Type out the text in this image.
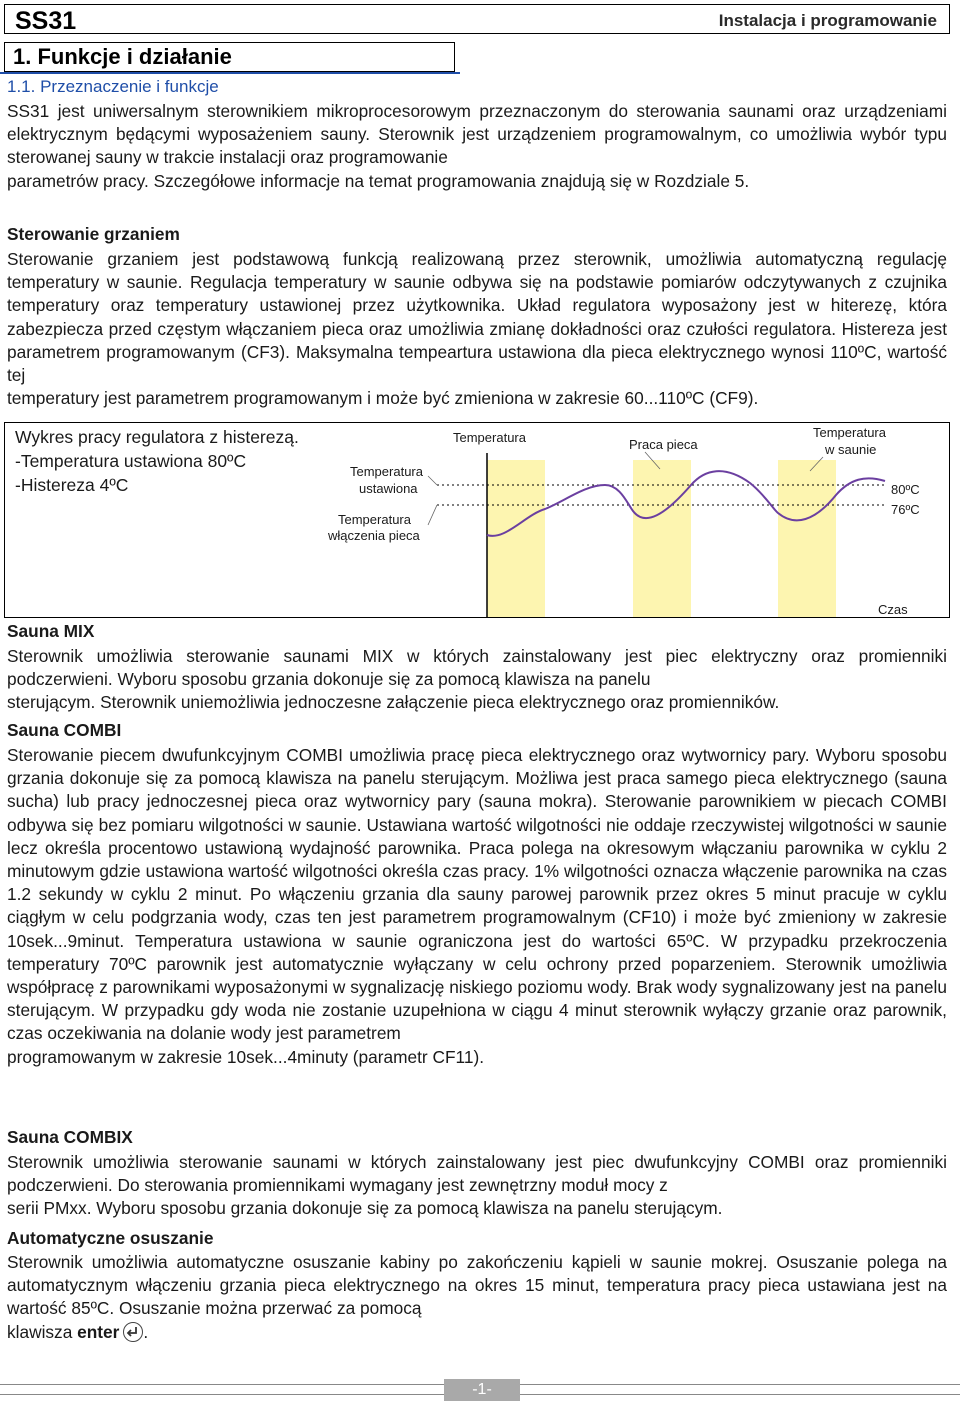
SS31	Instalacja i programowanie
1. Funkcje i działanie
1.1. Przeznaczenie i funkcje

SS31 jest uniwersalnym sterownikiem mikroprocesorowym przeznaczonym do sterowania saunami oraz urządzeniami elektrycznym będącymi wyposażeniem sauny. Sterownik jest urządzeniem programowalnym, co umożliwia wybór typu sterowanej sauny w trakcie instalacji oraz programowanie
parametrów pracy. Szczegółowe informacje na temat programowania znajdują się w Rozdziale 5.

Sterowanie grzaniem

Sterowanie grzaniem jest podstawową funkcją realizowaną przez sterownik, umożliwia automatyczną regulację temperatury w saunie. Regulacja temperatury w saunie odbywa się na podstawie pomiarów odczytywanych z czujnika temperatury oraz temperatury ustawionej przez użytkownika. Układ regulatora wyposażony jest w hiterezę, która zabezpiecza przed częstym włączaniem pieca oraz umożliwia zmianę dokładności oraz czułości regulatora. Histereza jest parametrem programowanym (CF3). Maksymalna tempeartura ustawiona dla pieca elektrycznego wynosi 110ºC, wartość tej
temperatury jest parametrem programowanym i może być zmieniona w zakresie 60...110ºC (CF9).

Wykres pracy regulatora z histerezą.
-Temperatura ustawiona 80ºC
-Histereza 4ºC
Temperatura	Praca pieca
Temperatura
w saunie
Temperatura
ustawiona
Temperatura
włączenia pieca
80ºC
76ºC
Czas
Sauna MIX

Sterownik umożliwia sterowanie saunami MIX w których zainstalowany jest piec elektryczny oraz promienniki podczerwieni. Wyboru sposobu grzania dokonuje się za pomocą klawisza na panelu
sterującym. Sterownik uniemożliwia jednoczesne załączenie pieca elektrycznego oraz promienników.

Sauna COMBI

Sterowanie piecem dwufunkcyjnym COMBI umożliwia pracę pieca elektrycznego oraz wytwornicy pary. Wyboru sposobu grzania dokonuje się za pomocą klawisza na panelu sterującym. Możliwa jest praca samego pieca elektrycznego (sauna sucha) lub pracy jednoczesnej pieca oraz wytwornicy pary (sauna mokra). Sterowanie parownikiem w piecach COMBI odbywa się bez pomiaru wilgotności w saunie. Ustawiana wartość wilgotności nie oddaje rzeczywistej wilgotności w saunie lecz określa procentowo ustawioną wydajność parownika. Praca polega na okresowym włączaniu parownika w cyklu 2 minutowym gdzie ustawiona wartość wilgotności określa czas pracy. 1% wilgotności oznacza włączenie parownika na czas 1.2 sekundy w cyklu 2 minut. Po włączeniu grzania dla sauny parowej parownik przez okres 5 minut pracuje w cyklu ciągłym w celu podgrzania wody, czas ten jest parametrem programowalnym (CF10) i może być zmieniony w zakresie 10sek...9minut. Temperatura ustawiona w saunie ograniczona jest do wartości 65ºC. W przypadku przekroczenia temperatury 70ºC parownik jest automatycznie wyłączany w celu ochrony przed poparzeniem. Sterownik umożliwia współpracę z parownikami wyposażonymi w sygnalizację niskiego poziomu wody. Brak wody sygnalizowany jest na panelu sterującym. W przypadku gdy woda nie zostanie uzupełniona w ciągu 4 minut sterownik wyłączy grzanie oraz parownik, czas oczekiwania na dolanie wody jest parametrem
programowanym w zakresie 10sek...4minuty (parametr CF11).

Sauna COMBIX

Sterownik umożliwia sterowanie saunami w których zainstalowany jest piec dwufunkcyjny COMBI oraz promienniki podczerwieni. Do sterowania promiennikami wymagany jest zewnętrzny moduł mocy z
serii PMxx. Wyboru sposobu grzania dokonuje się za pomocą klawisza na panelu sterującym.

Automatyczne osuszanie

Sterownik umożliwia automatyczne osuszanie kabiny po zakończeniu kąpieli w saunie mokrej. Osuszanie polega na automatycznym włączeniu grzania pieca elektrycznego na okres 15 minut, temperatura pracy pieca ustawiana jest na wartość 85ºC. Osuszanie można przerwać za pomocą
klawisza enter .

-1-
